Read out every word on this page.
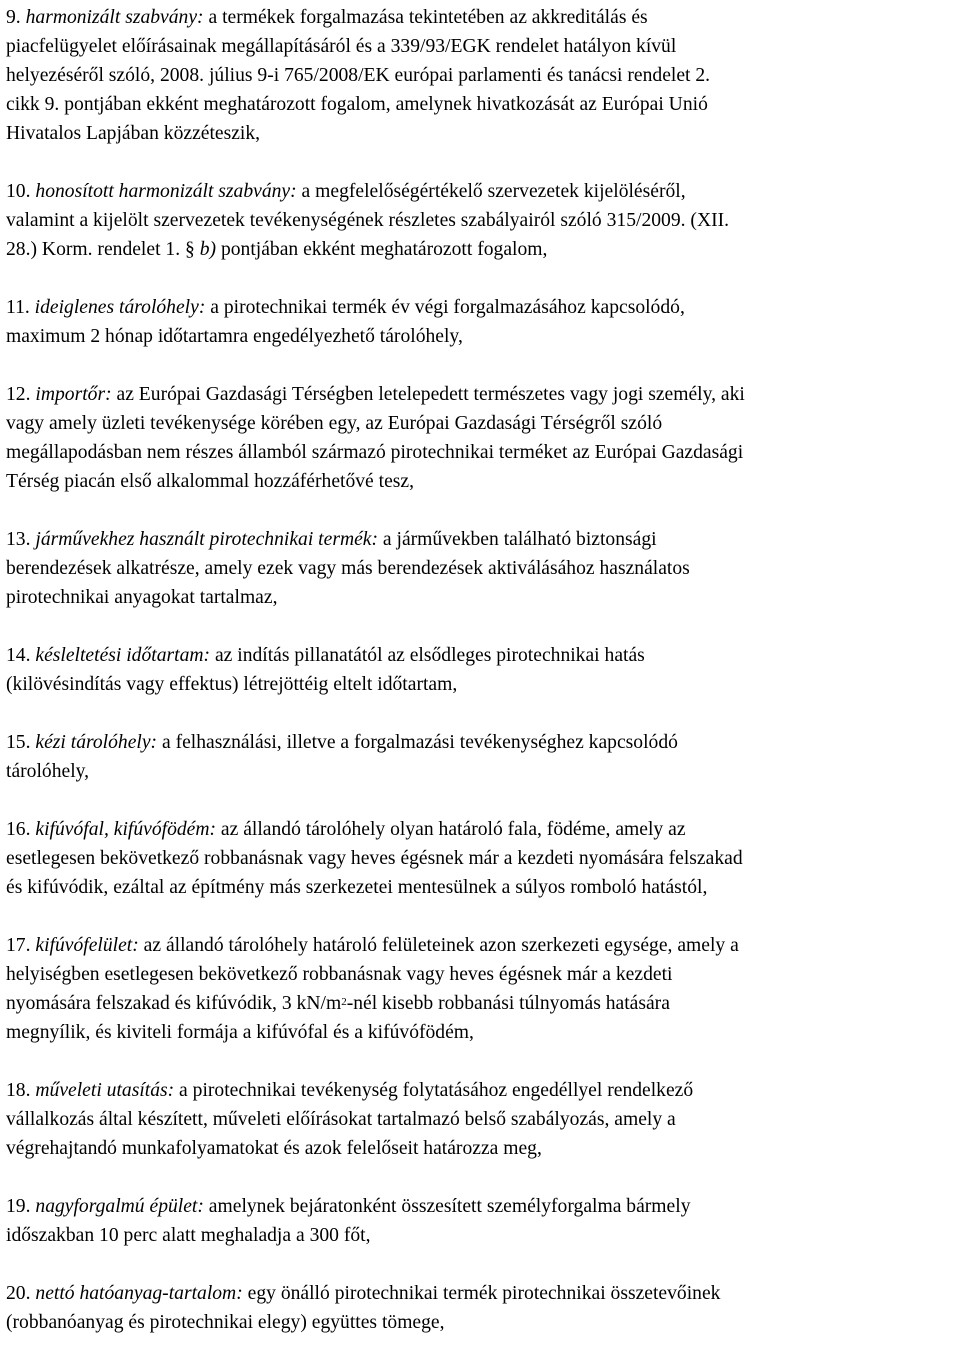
9. harmonizált szabvány: a termékek forgalmazása tekintetében az akkreditálás és
piacfelügyelet előírásainak megállapításáról és a 339/93/EGK rendelet hatályon kívül
helyezéséről szóló, 2008. július 9-i 765/2008/EK európai parlamenti és tanácsi rendelet 2.
cikk 9. pontjában ekként meghatározott fogalom, amelynek hivatkozását az Európai Unió
Hivatalos Lapjában közzéteszik,
10. honosított harmonizált szabvány: a megfelelőségértékelő szervezetek kijelöléséről,
valamint a kijelölt szervezetek tevékenységének részletes szabályairól szóló 315/2009. (XII.
28.) Korm. rendelet 1. § b) pontjában ekként meghatározott fogalom,
11. ideiglenes tárolóhely: a pirotechnikai termék év végi forgalmazásához kapcsolódó,
maximum 2 hónap időtartamra engedélyezhető tárolóhely,
12. importőr: az Európai Gazdasági Térségben letelepedett természetes vagy jogi személy, aki
vagy amely üzleti tevékenysége körében egy, az Európai Gazdasági Térségről szóló
megállapodásban nem részes államból származó pirotechnikai terméket az Európai Gazdasági
Térség piacán első alkalommal hozzáférhetővé tesz,
13. járművekhez használt pirotechnikai termék: a járművekben található biztonsági
berendezések alkatrésze, amely ezek vagy más berendezések aktiválásához használatos
pirotechnikai anyagokat tartalmaz,
14. késleltetési időtartam: az indítás pillanatától az elsődleges pirotechnikai hatás
(kilövésindítás vagy effektus) létrejöttéig eltelt időtartam,
15. kézi tárolóhely: a felhasználási, illetve a forgalmazási tevékenységhez kapcsolódó
tárolóhely,
16. kifúvófal, kifúvófödém: az állandó tárolóhely olyan határoló fala, födéme, amely az
esetlegesen bekövetkező robbanásnak vagy heves égésnek már a kezdeti nyomására felszakad
és kifúvódik, ezáltal az építmény más szerkezetei mentesülnek a súlyos romboló hatástól,
17. kifúvófelület: az állandó tárolóhely határoló felületeinek azon szerkezeti egysége, amely a
helyiségben esetlegesen bekövetkező robbanásnak vagy heves égésnek már a kezdeti
nyomására felszakad és kifúvódik, 3 $kN/m^2$-nél kisebb robbanási túlnyomás hatására
megnyílik, és kiviteli formája a kifúvófal és a kifúvófödém,
18. műveleti utasítás: a pirotechnikai tevékenység folytatásához engedéllyel rendelkező
vállalkozás által készített, műveleti előírásokat tartalmazó belső szabályozás, amely a
végrehajtandó munkafolyamatokat és azok felelőseit határozza meg,
19. nagyforgalmú épület: amelynek bejáratonként összesített személyforgalma bármely
időszakban 10 perc alatt meghaladja a 300 főt,
20. nettó hatóanyag-tartalom: egy önálló pirotechnikai termék pirotechnikai összetevőinek
(robbanóanyag és pirotechnikai elegy) együttes tömege,
